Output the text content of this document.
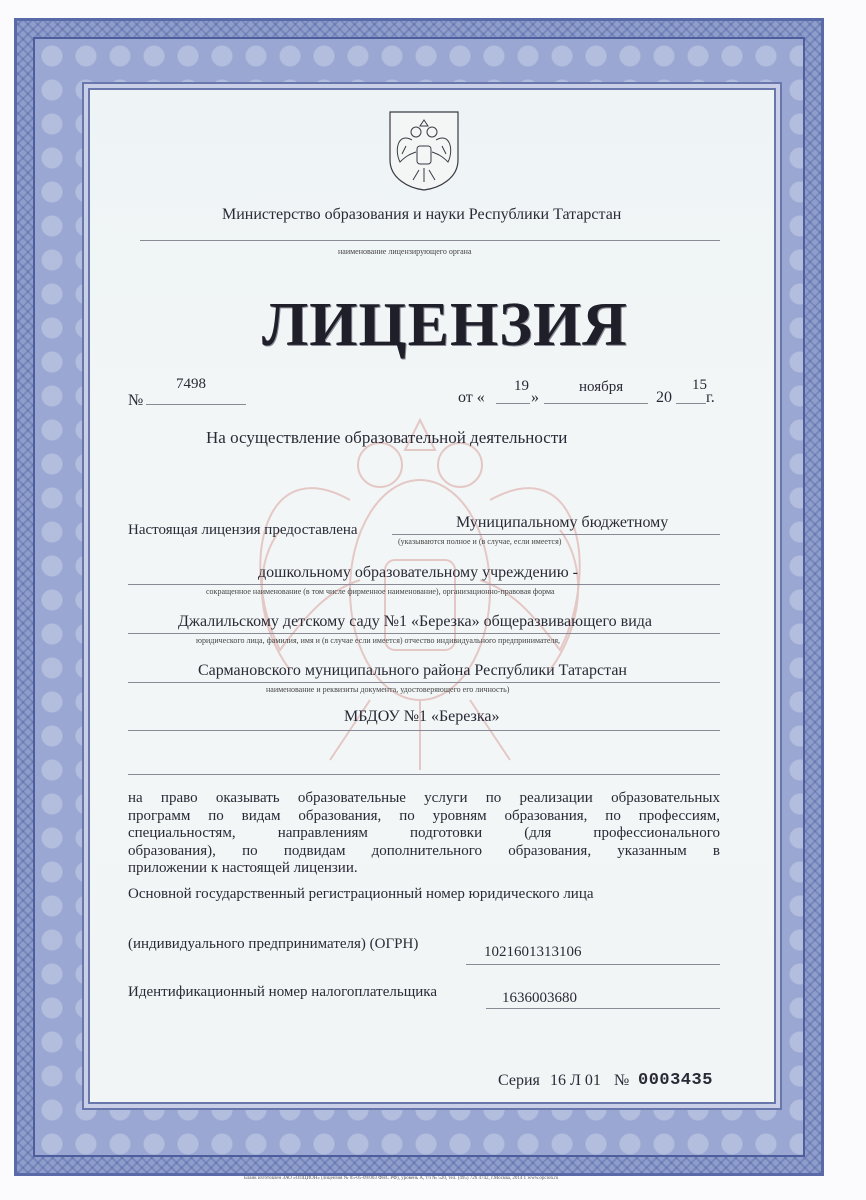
Министерство образования и науки Республики Татарстан
наименование лицензирующего органа
ЛИЦЕНЗИЯ
№
7498
от «
19
»
ноября
20
15
г.
На осуществление образовательной деятельности
Настоящая лицензия предоставлена	Муниципальному бюджетному
(указываются полное и (в случае, если имеется)
дошкольному образовательному учреждению -
сокращенное наименование (в том числе фирменное наименование), организационно-правовая форма
Джалильскому детскому саду №1 «Березка» общеразвивающего вида
юридического лица, фамилия, имя и (в случае если имеется) отчество индивидуального предпринимателя,
Сармановского муниципального района Республики Татарстан
наименование и реквизиты документа, удостоверяющего его личность)
МБДОУ №1 «Березка»
на право оказывать образовательные услуги по реализации образовательных
программ по видам образования, по уровням образования, по профессиям,
специальностям, направлениям подготовки (для профессионального
образования), по подвидам дополнительного образования, указанным в
приложении к настоящей лицензии.
Основной государственный регистрационный номер юридического лица
(индивидуального предпринимателя) (ОГРН)	1021601313106
Идентификационный номер налогоплательщика	1636003680
Серия 16 Л 01 № 0003435
Бланк изготовлен ЗАО «ОПЦИОН» (лицензия № 05-05-09/003 ФНС РФ), уровень А, т/з № 520, тел. (495) 726 4742, г.Москва, 2014 г. www.opcion.ru
